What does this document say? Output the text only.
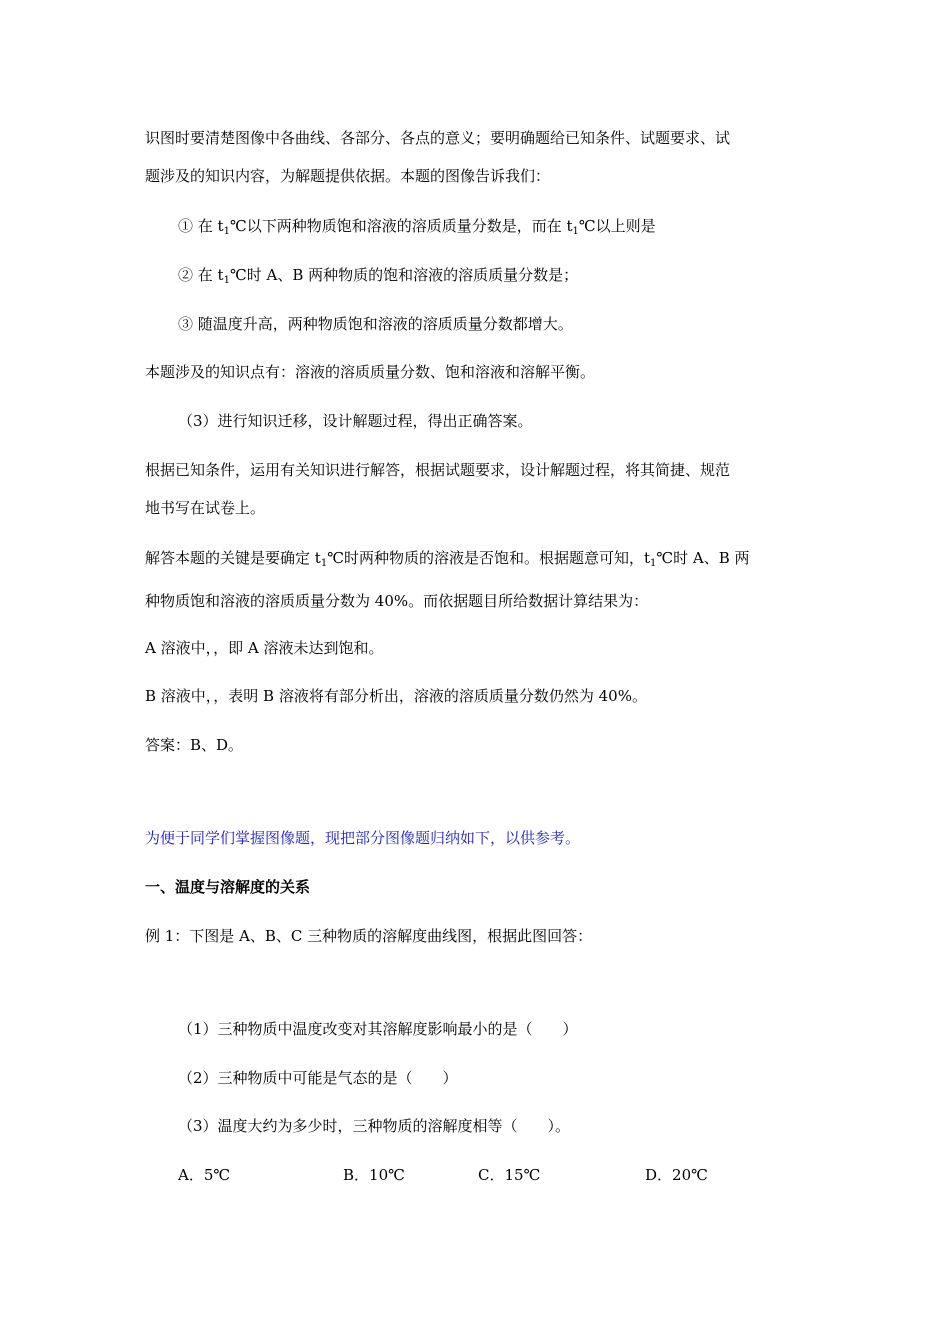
识图时要清楚图像中各曲线、各部分、各点的意义；要明确题给已知条件、试题要求、试
题涉及的知识内容，为解题提供依据。本题的图像告诉我们：
① 在 $t_1℃$以下两种物质饱和溶液的溶质质量分数是，而在 $t_1℃$以上则是
② 在 $t_1℃$时 A、B 两种物质的饱和溶液的溶质质量分数是；
③ 随温度升高，两种物质饱和溶液的溶质质量分数都增大。
本题涉及的知识点有：溶液的溶质质量分数、饱和溶液和溶解平衡。
（3）进行知识迁移，设计解题过程，得出正确答案。
根据已知条件，运用有关知识进行解答，根据试题要求，设计解题过程，将其简捷、规范
地书写在试卷上。
解答本题的关键是要确定 $t_1℃$时两种物质的溶液是否饱和。根据题意可知，$t_1℃$时 A、B 两
种物质饱和溶液的溶质质量分数为 40%。而依据题目所给数据计算结果为：
A 溶液中，，即 A 溶液未达到饱和。
B 溶液中，，表明 B 溶液将有部分析出，溶液的溶质质量分数仍然为 40%。
答案：B、D。
为便于同学们掌握图像题，现把部分图像题归纳如下，以供参考。
一、温度与溶解度的关系
例 1：下图是 A、B、C 三种物质的溶解度曲线图，根据此图回答：
（1）三种物质中温度改变对其溶解度影响最小的是（　　）
（2）三种物质中可能是气态的是（　　）
（3）温度大约为多少时，三种物质的溶解度相等（　　）。
A．5℃	B．10℃	C．15℃	D．20℃
